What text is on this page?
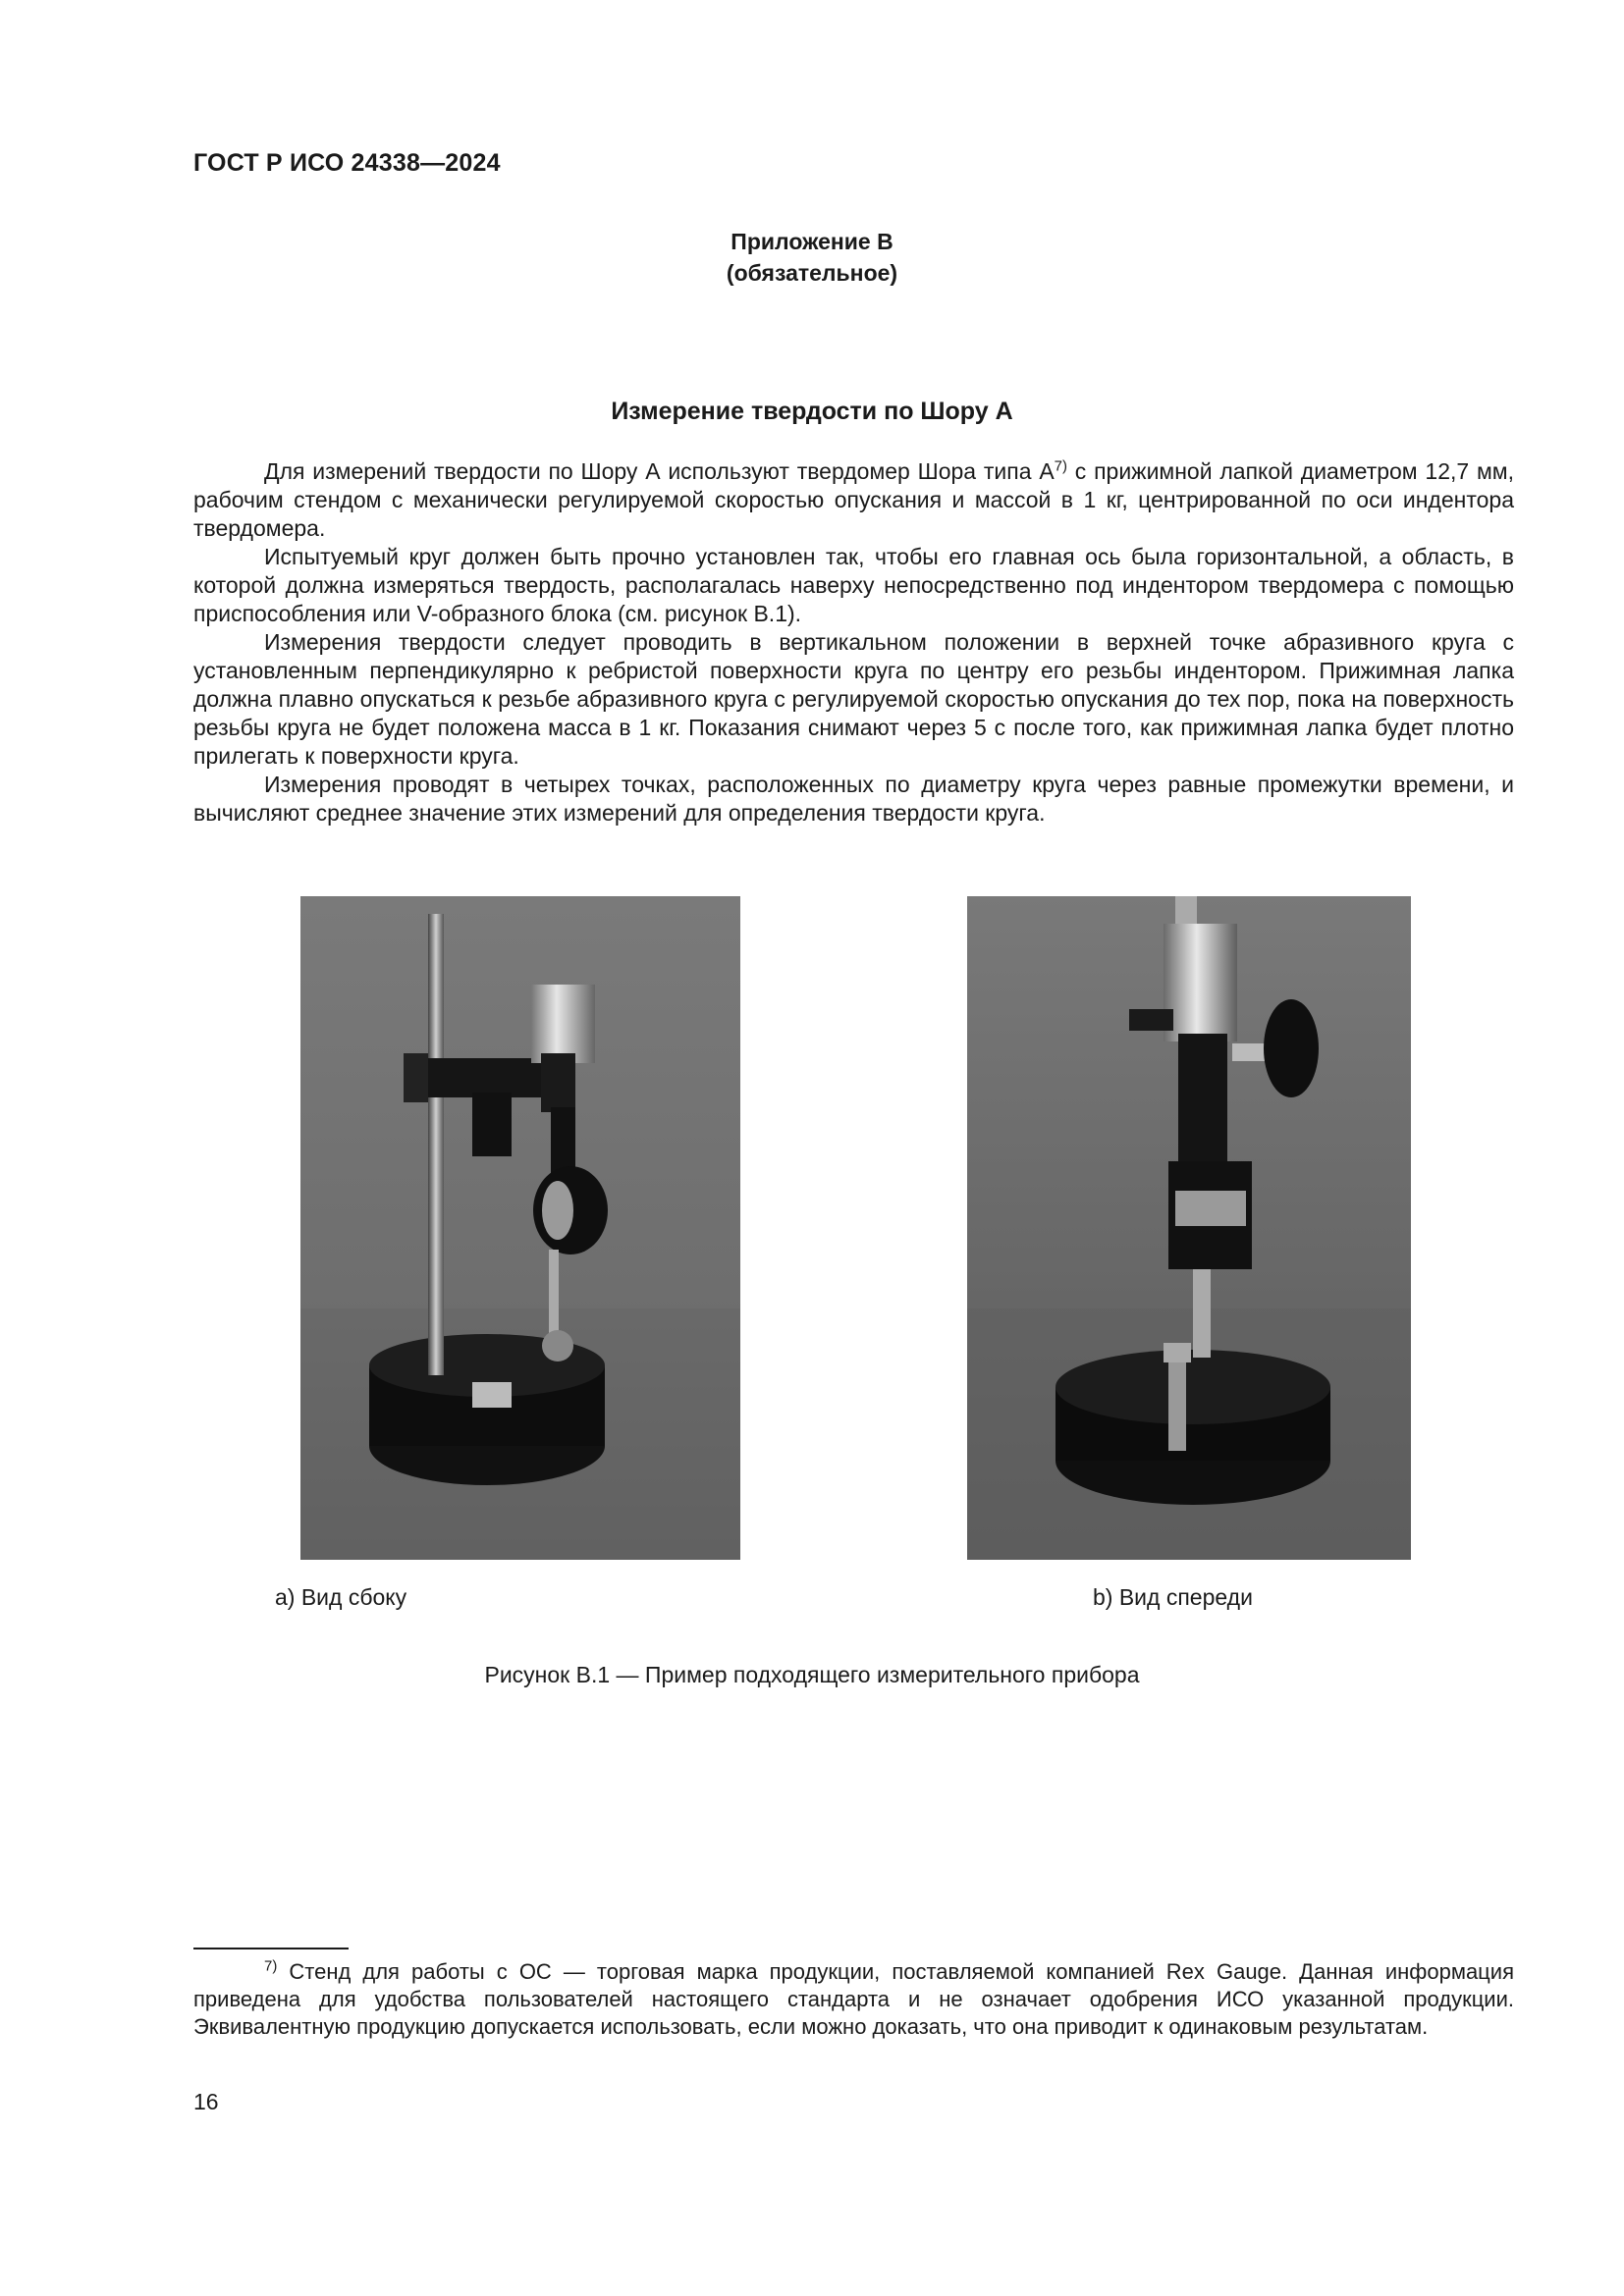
ГОСТ Р ИСО 24338—2024
Приложение В
(обязательное)
Измерение твердости по Шору А

Для измерений твердости по Шору А используют твердомер Шора типа $А^{7)}$ с прижимной лапкой диаметром 12,7 мм, рабочим стендом с механически регулируемой скоростью опускания и массой в 1 кг, центрированной по оси индентора твердомера.

Испытуемый круг должен быть прочно установлен так, чтобы его главная ось была горизонтальной, а область, в которой должна измеряться твердость, располагалась наверху непосредственно под индентором твердомера с помощью приспособления или V-образного блока (см. рисунок В.1).

Измерения твердости следует проводить в вертикальном положении в верхней точке абразивного круга с установленным перпендикулярно к ребристой поверхности круга по центру его резьбы индентором. Прижимная лапка должна плавно опускаться к резьбе абразивного круга с регулируемой скоростью опускания до тех пор, пока на поверхность резьбы круга не будет положена масса в 1 кг. Показания снимают через 5 с после того, как прижимная лапка будет плотно прилегать к поверхности круга.

Измерения проводят в четырех точках, расположенных по диаметру круга через равные промежутки времени, и вычисляют среднее значение этих измерений для определения твердости круга.

a) Вид сбоку	b) Вид спереди
Рисунок В.1 — Пример подходящего измерительного прибора
$^{7)}$ Стенд для работы с ОС — торговая марка продукции, поставляемой компанией Rex Gauge. Данная информация приведена для удобства пользователей настоящего стандарта и не означает одобрения ИСО указанной продукции. Эквивалентную продукцию допускается использовать, если можно доказать, что она приводит к одинаковым результатам.
16
